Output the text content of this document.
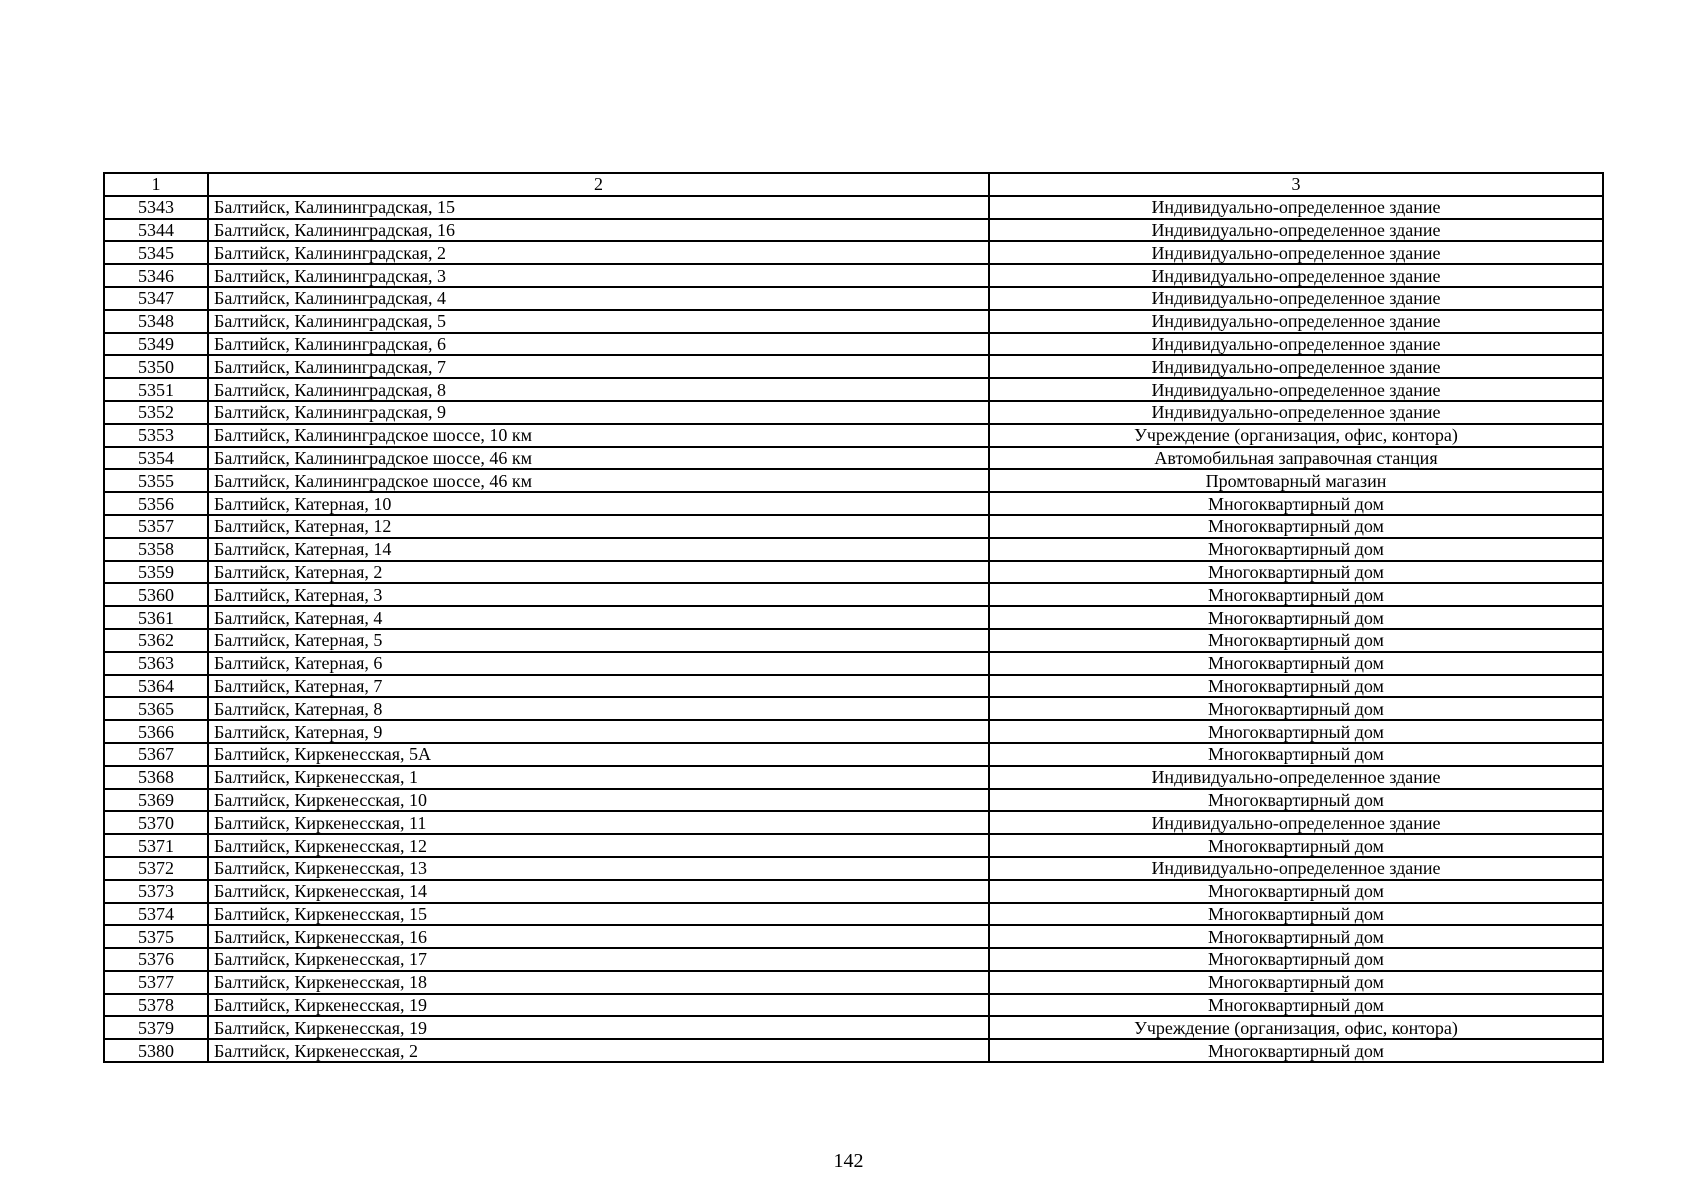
1	2	3
5343	Балтийск, Калининградская, 15	Индивидуально-определенное здание
5344	Балтийск, Калининградская, 16	Индивидуально-определенное здание
5345	Балтийск, Калининградская, 2	Индивидуально-определенное здание
5346	Балтийск, Калининградская, 3	Индивидуально-определенное здание
5347	Балтийск, Калининградская, 4	Индивидуально-определенное здание
5348	Балтийск, Калининградская, 5	Индивидуально-определенное здание
5349	Балтийск, Калининградская, 6	Индивидуально-определенное здание
5350	Балтийск, Калининградская, 7	Индивидуально-определенное здание
5351	Балтийск, Калининградская, 8	Индивидуально-определенное здание
5352	Балтийск, Калининградская, 9	Индивидуально-определенное здание
5353	Балтийск, Калининградское шоссе, 10 км	Учреждение (организация, офис, контора)
5354	Балтийск, Калининградское шоссе, 46 км	Автомобильная заправочная станция
5355	Балтийск, Калининградское шоссе, 46 км	Промтоварный магазин
5356	Балтийск, Катерная, 10	Многоквартирный дом
5357	Балтийск, Катерная, 12	Многоквартирный дом
5358	Балтийск, Катерная, 14	Многоквартирный дом
5359	Балтийск, Катерная, 2	Многоквартирный дом
5360	Балтийск, Катерная, 3	Многоквартирный дом
5361	Балтийск, Катерная, 4	Многоквартирный дом
5362	Балтийск, Катерная, 5	Многоквартирный дом
5363	Балтийск, Катерная, 6	Многоквартирный дом
5364	Балтийск, Катерная, 7	Многоквартирный дом
5365	Балтийск, Катерная, 8	Многоквартирный дом
5366	Балтийск, Катерная, 9	Многоквартирный дом
5367	Балтийск, Киркенесская, 5А	Многоквартирный дом
5368	Балтийск, Киркенесская, 1	Индивидуально-определенное здание
5369	Балтийск, Киркенесская, 10	Многоквартирный дом
5370	Балтийск, Киркенесская, 11	Индивидуально-определенное здание
5371	Балтийск, Киркенесская, 12	Многоквартирный дом
5372	Балтийск, Киркенесская, 13	Индивидуально-определенное здание
5373	Балтийск, Киркенесская, 14	Многоквартирный дом
5374	Балтийск, Киркенесская, 15	Многоквартирный дом
5375	Балтийск, Киркенесская, 16	Многоквартирный дом
5376	Балтийск, Киркенесская, 17	Многоквартирный дом
5377	Балтийск, Киркенесская, 18	Многоквартирный дом
5378	Балтийск, Киркенесская, 19	Многоквартирный дом
5379	Балтийск, Киркенесская, 19	Учреждение (организация, офис, контора)
5380	Балтийск, Киркенесская, 2	Многоквартирный дом
142
